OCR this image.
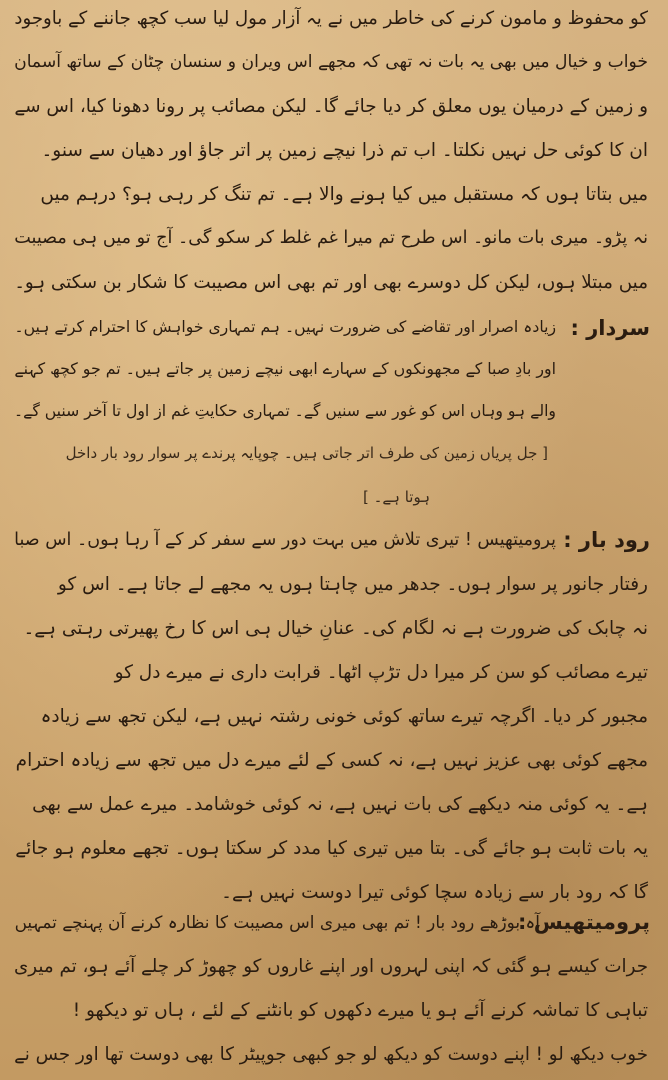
کو محفوظ و مامون کرنے کی خاطر میں نے یہ آزار مول لیا سب کچھ جاننے کے باوجود
خواب و خیال میں بھی یہ بات نہ تھی کہ مجھے اس ویران و سنسان چٹان کے ساتھ آسمان
و زمین کے درمیان یوں معلق کر دیا جائے گا۔ لیکن مصائب پر رونا دھونا کیا، اس سے
ان کا کوئی حل نہیں نکلتا۔ اب تم ذرا نیچے زمین پر اتر جاؤ اور دھیان سے سنو۔
میں بتاتا ہوں کہ مستقبل میں کیا ہونے والا ہے۔ تم تنگ کر رہی ہو؟ درہم میں
نہ پڑو۔ میری بات مانو۔ اس طرح تم میرا غم غلط کر سکو گی۔ آج تو میں ہی مصیبت
میں مبتلا ہوں، لیکن کل دوسرے بھی اور تم بھی اس مصیبت کا شکار بن سکتی ہو۔
سردار :
زیادہ اصرار اور تقاضے کی ضرورت نہیں۔ ہم تمہاری خواہش کا احترام کرتے ہیں۔
اور بادِ صبا کے مجھونکوں کے سہارے ابھی نیچے زمین پر جاتے ہیں۔ تم جو کچھ کہنے
والے ہو وہاں اس کو غور سے سنیں گے۔ تمہاری حکایتِ غم از اول تا آخر سنیں گے۔
[ جل پریاں زمین کی طرف اتر جاتی ہیں۔ چوپایہ پرندے پر سوار رود بار داخل
ہوتا ہے۔ ]
رود بار :
پرومیتھیس ! تیری تلاش میں بہت دور سے سفر کر کے آ رہا ہوں۔ اس صبا
رفتار جانور پر سوار ہوں۔ جدھر میں چاہتا ہوں یہ مجھے لے جاتا ہے۔ اس کو
نہ چابک کی ضرورت ہے نہ لگام کی۔ عنانِ خیال ہی اس کا رخ پھیرتی رہتی ہے۔
تیرے مصائب کو سن کر میرا دل تڑپ اٹھا۔ قرابت داری نے میرے دل کو
مجبور کر دیا۔ اگرچہ تیرے ساتھ کوئی خونی رشتہ نہیں ہے، لیکن تجھ سے زیادہ
مجھے کوئی بھی عزیز نہیں ہے، نہ کسی کے لئے میرے دل میں تجھ سے زیادہ احترام
ہے۔ یہ کوئی منہ دیکھے کی بات نہیں ہے، نہ کوئی خوشامد۔ میرے عمل سے بھی
یہ بات ثابت ہو جائے گی۔ بتا میں تیری کیا مدد کر سکتا ہوں۔ تجھے معلوم ہو جائے
گا کہ رود بار سے زیادہ سچا کوئی تیرا دوست نہیں ہے۔
پرومیتھیس :
آہ بوڑھے رود بار ! تم بھی میری اس مصیبت کا نظارہ کرنے آن پہنچے تمہیں
جرات کیسے ہو گئی کہ اپنی لہروں اور اپنے غاروں کو چھوڑ کر چلے آئے ہو، تم میری
تباہی کا تماشہ کرنے آئے ہو یا میرے دکھوں کو بانٹنے کے لئے ، ہاں تو دیکھو !
خوب دیکھ لو ! اپنے دوست کو دیکھ لو جو کبھی جوپیٹر کا بھی دوست تھا اور جس نے
